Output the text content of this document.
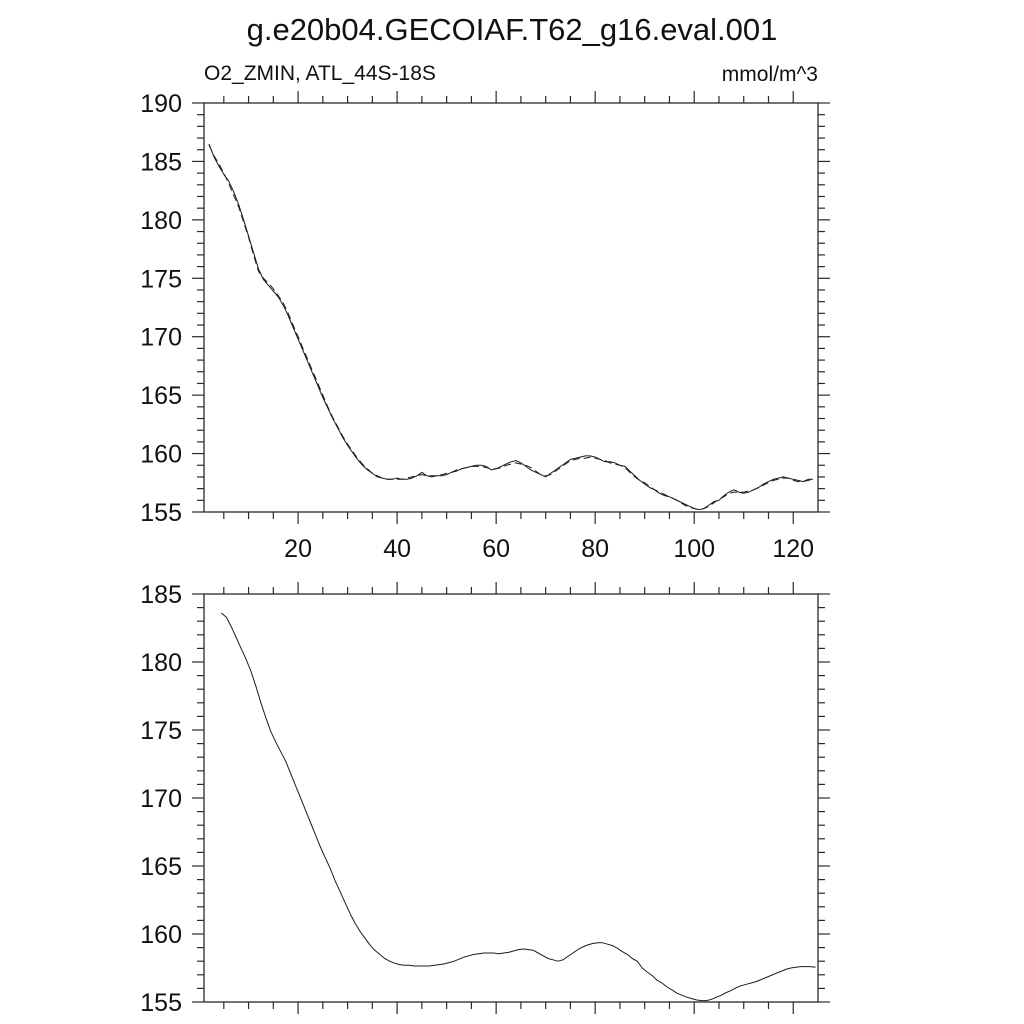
g.e20b04.GECOIAF.T62_g16.eval.001
O2_ZMIN, ATL_44S-18S	mmol/m^3
190
185
180
175
170
165
160
155
20	40	60	80	100 120
185
180
175
170
165
160
155
